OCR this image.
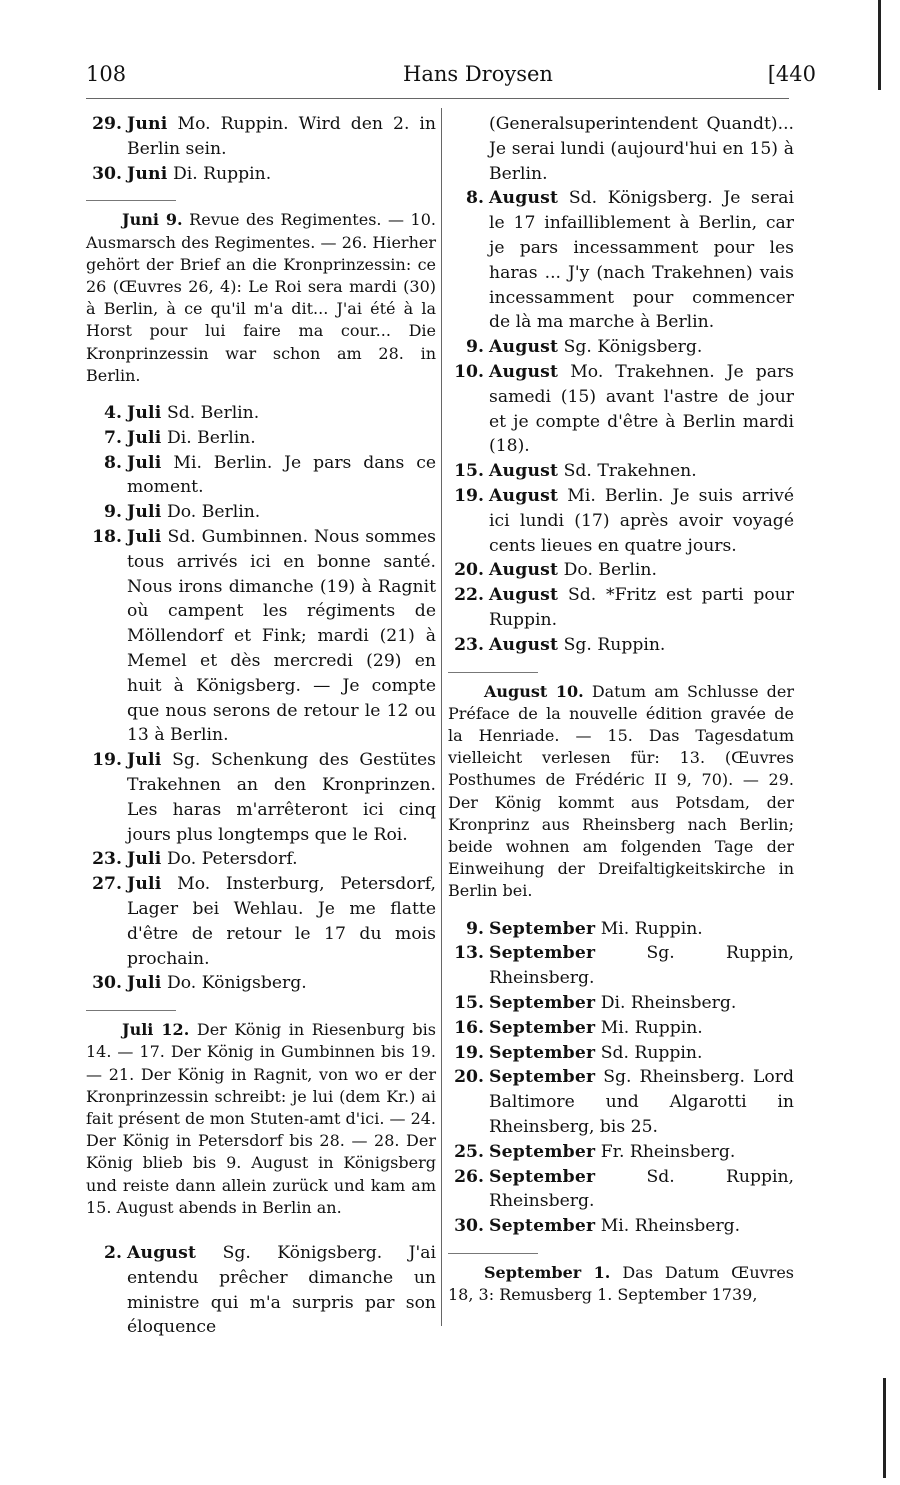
108	Hans Droysen	[440
29. Juni Mo. Ruppin. Wird den 2. in Berlin sein.
30. Juni Di. Ruppin.
Juni 9. Revue des Regimentes. — 10. Ausmarsch des Regimentes. — 26. Hierher gehört der Brief an die Kronprinzessin: ce 26 (Œuvres 26, 4): Le Roi sera mardi (30) à Berlin, à ce qu'il m'a dit... J'ai été à la Horst pour lui faire ma cour... Die Kronprinzessin war schon am 28. in Berlin.
4. Juli Sd. Berlin.
7. Juli Di. Berlin.
8. Juli Mi. Berlin. Je pars dans ce moment.
9. Juli Do. Berlin.
18. Juli Sd. Gumbinnen. Nous sommes tous arrivés ici en bonne santé. Nous irons dimanche (19) à Ragnit où campent les régiments de Möllendorf et Fink; mardi (21) à Memel et dès mercredi (29) en huit à Königsberg. — Je compte que nous serons de retour le 12 ou 13 à Berlin.
19. Juli Sg. Schenkung des Gestütes Trakehnen an den Kronprinzen. Les haras m'arrêteront ici cinq jours plus longtemps que le Roi.
23. Juli Do. Petersdorf.
27. Juli Mo. Insterburg, Petersdorf, Lager bei Wehlau. Je me flatte d'être de retour le 17 du mois prochain.
30. Juli Do. Königsberg.
Juli 12. Der König in Riesenburg bis 14. — 17. Der König in Gumbinnen bis 19. — 21. Der König in Ragnit, von wo er der Kronprinzessin schreibt: je lui (dem Kr.) ai fait présent de mon Stuten-amt d'ici. — 24. Der König in Petersdorf bis 28. — 28. Der König blieb bis 9. August in Königsberg und reiste dann allein zurück und kam am 15. August abends in Berlin an.
2. August Sg. Königsberg. J'ai entendu prêcher dimanche un ministre qui m'a surpris par son éloquence
(Generalsuperintendent Quandt)... Je serai lundi (aujourd'hui en 15) à Berlin.
8. August Sd. Königsberg. Je serai le 17 infailliblement à Berlin, car je pars incessamment pour les haras ... J'y (nach Trakehnen) vais incessamment pour commencer de là ma marche à Berlin.
9. August Sg. Königsberg.
10. August Mo. Trakehnen. Je pars samedi (15) avant l'astre de jour et je compte d'être à Berlin mardi (18).
15. August Sd. Trakehnen.
19. August Mi. Berlin. Je suis arrivé ici lundi (17) après avoir voyagé cents lieues en quatre jours.
20. August Do. Berlin.
22. August Sd. *Fritz est parti pour Ruppin.
23. August Sg. Ruppin.
August 10. Datum am Schlusse der Préface de la nouvelle édition gravée de la Henriade. — 15. Das Tagesdatum vielleicht verlesen für: 13. (Œuvres Posthumes de Frédéric II 9, 70). — 29. Der König kommt aus Potsdam, der Kronprinz aus Rheinsberg nach Berlin; beide wohnen am folgenden Tage der Einweihung der Dreifaltigkeitskirche in Berlin bei.
9. September Mi. Ruppin.
13. September	Sg. Ruppin, Rheinsberg.
15. September Di. Rheinsberg.
16. September Mi. Ruppin.
19. September Sd. Ruppin.
20. September Sg. Rheinsberg. Lord Baltimore und Algarotti in Rheinsberg, bis 25.
25. September Fr. Rheinsberg.
26. September	Sd. Ruppin, Rheinsberg.
30. September Mi. Rheinsberg.
September 1. Das Datum Œuvres 18, 3: Remusberg 1. September 1739,
